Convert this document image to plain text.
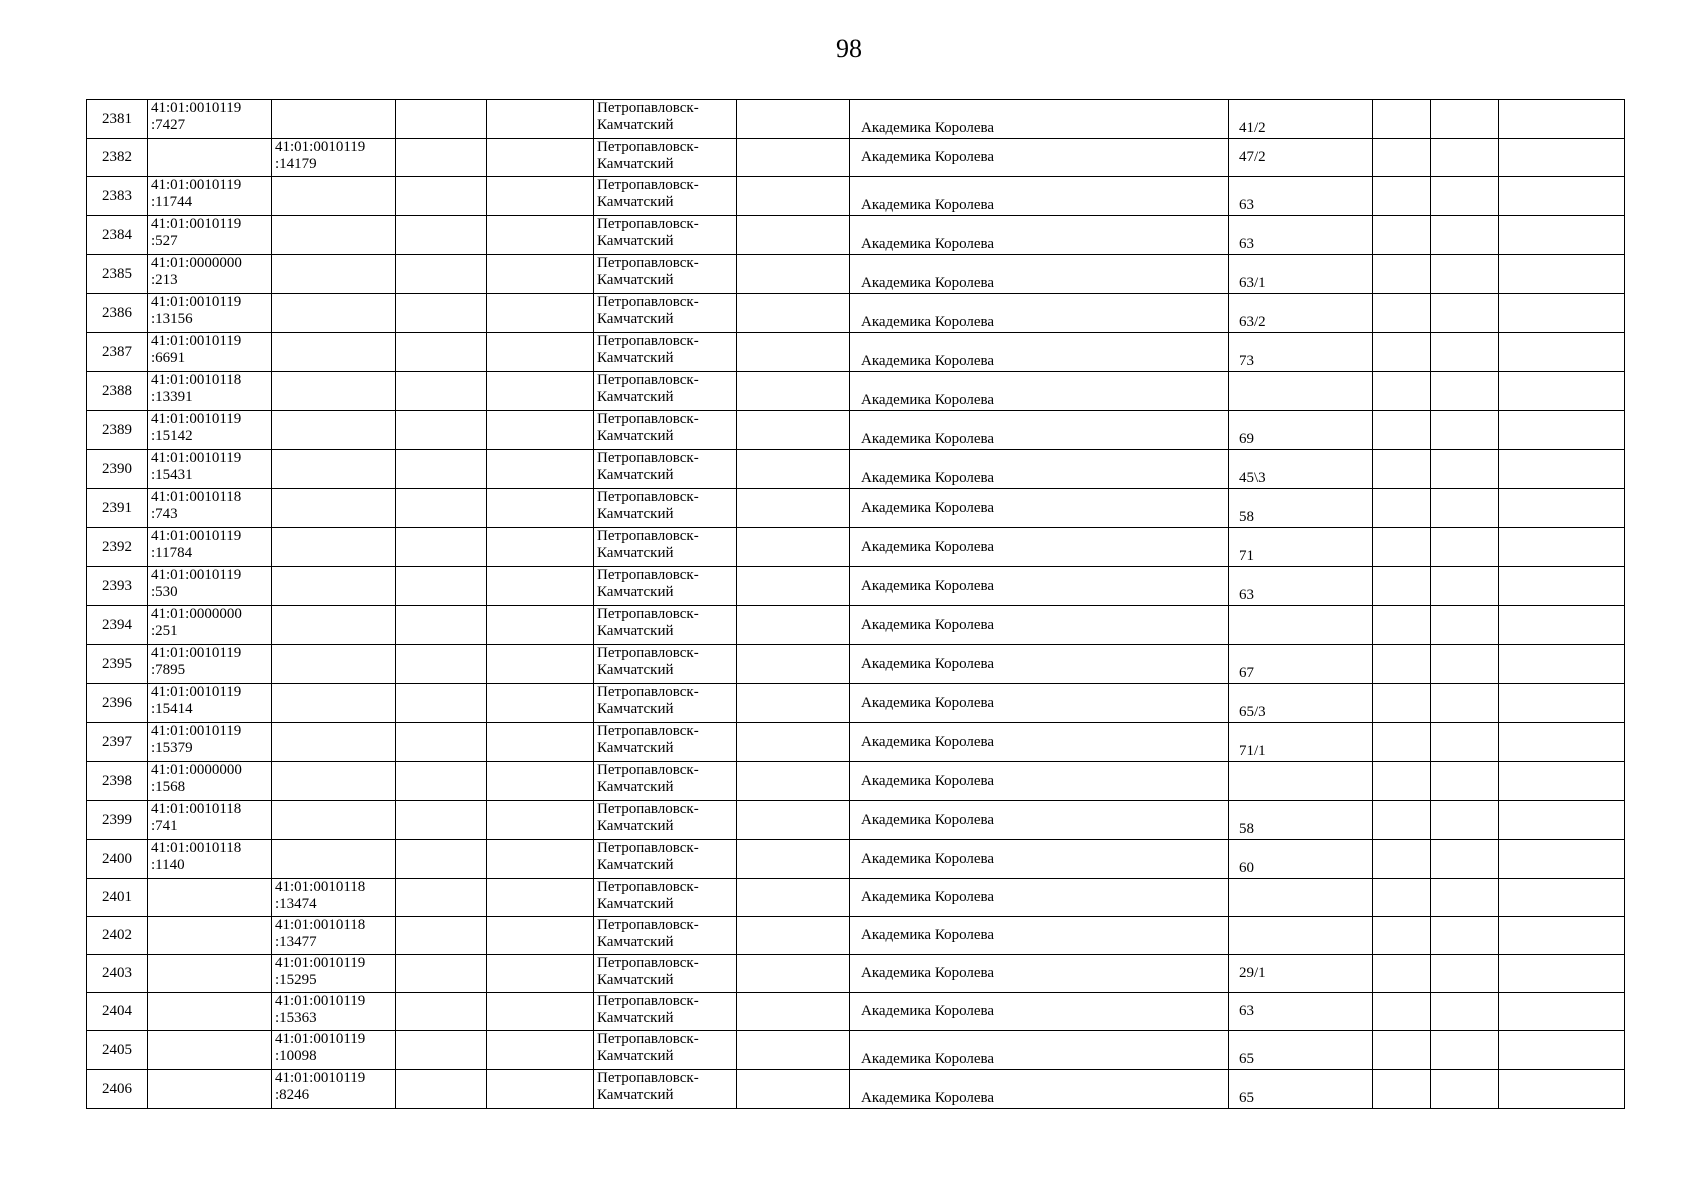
98
2381	41:01:0010119
:7427				Петропавловск-
Камчатский		Академика Королева	41/2			
2382		41:01:0010119
:14179			Петропавловск-
Камчатский		Академика Королева	47/2			
2383	41:01:0010119
:11744				Петропавловск-
Камчатский		Академика Королева	63			
2384	41:01:0010119
:527				Петропавловск-
Камчатский		Академика Королева	63			
2385	41:01:0000000
:213				Петропавловск-
Камчатский		Академика Королева	63/1			
2386	41:01:0010119
:13156				Петропавловск-
Камчатский		Академика Королева	63/2			
2387	41:01:0010119
:6691				Петропавловск-
Камчатский		Академика Королева	73			
2388	41:01:0010118
:13391				Петропавловск-
Камчатский		Академика Королева				
2389	41:01:0010119
:15142				Петропавловск-
Камчатский		Академика Королева	69			
2390	41:01:0010119
:15431				Петропавловск-
Камчатский		Академика Королева	45\3			
2391	41:01:0010118
:743				Петропавловск-
Камчатский		Академика Королева	58			
2392	41:01:0010119
:11784				Петропавловск-
Камчатский		Академика Королева	71			
2393	41:01:0010119
:530				Петропавловск-
Камчатский		Академика Королева	63			
2394	41:01:0000000
:251				Петропавловск-
Камчатский		Академика Королева				
2395	41:01:0010119
:7895				Петропавловск-
Камчатский		Академика Королева	67			
2396	41:01:0010119
:15414				Петропавловск-
Камчатский		Академика Королева	65/3			
2397	41:01:0010119
:15379				Петропавловск-
Камчатский		Академика Королева	71/1			
2398	41:01:0000000
:1568				Петропавловск-
Камчатский		Академика Королева				
2399	41:01:0010118
:741				Петропавловск-
Камчатский		Академика Королева	58			
2400	41:01:0010118
:1140				Петропавловск-
Камчатский		Академика Королева	60			
2401		41:01:0010118
:13474			Петропавловск-
Камчатский		Академика Королева				
2402		41:01:0010118
:13477			Петропавловск-
Камчатский		Академика Королева				
2403		41:01:0010119
:15295			Петропавловск-
Камчатский		Академика Королева	29/1			
2404		41:01:0010119
:15363			Петропавловск-
Камчатский		Академика Королева	63			
2405		41:01:0010119
:10098			Петропавловск-
Камчатский		Академика Королева	65			
2406		41:01:0010119
:8246			Петропавловск-
Камчатский		Академика Королева	65			
